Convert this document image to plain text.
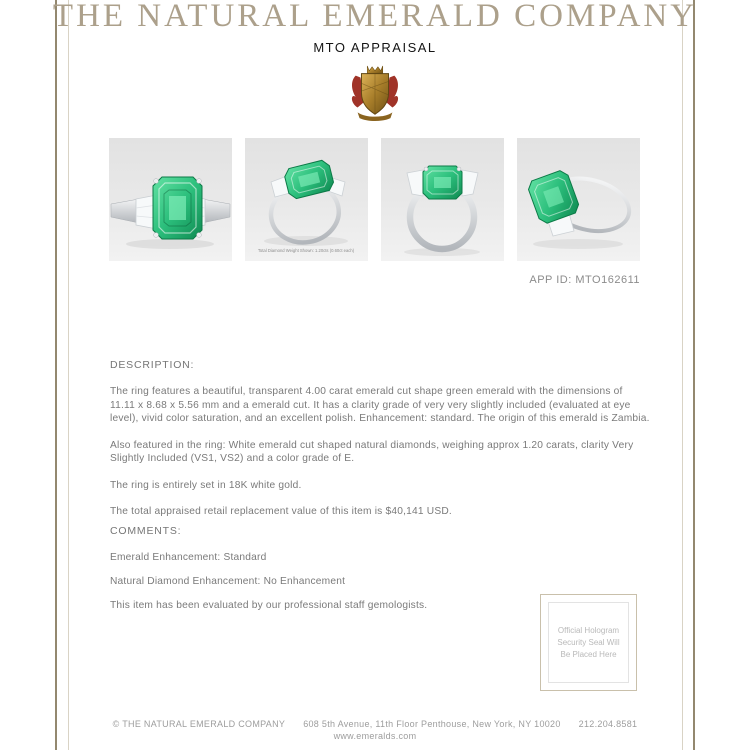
THE NATURAL EMERALD COMPANY
MTO APPRAISAL
Total Diamond Weight Shown: 1.20cts (0.60ct each)
APP ID: MTO162611

DESCRIPTION:

The ring features a beautiful, transparent 4.00 carat emerald cut shape green emerald with the dimensions of 11.11 x 8.68 x 5.56 mm and a emerald cut. It has a clarity grade of very very slightly included (evaluated at eye level), vivid color saturation, and an excellent polish. Enhancement: standard. The origin of this emerald is Zambia.

Also featured in the ring: White emerald cut shaped natural diamonds, weighing approx 1.20 carats, clarity Very Slightly Included (VS1, VS2) and a color grade of E.

The ring is entirely set in 18K white gold.

The total appraised retail replacement value of this item is $40,141 USD.

COMMENTS:

Emerald Enhancement: Standard

Natural Diamond Enhancement: No Enhancement

This item has been evaluated by our professional staff gemologists.

Official Hologram
Security Seal Will
Be Placed Here
© THE NATURAL EMERALD COMPANY 608 5th Avenue, 11th Floor Penthouse, New York, NY 10020 212.204.8581
www.emeralds.com
